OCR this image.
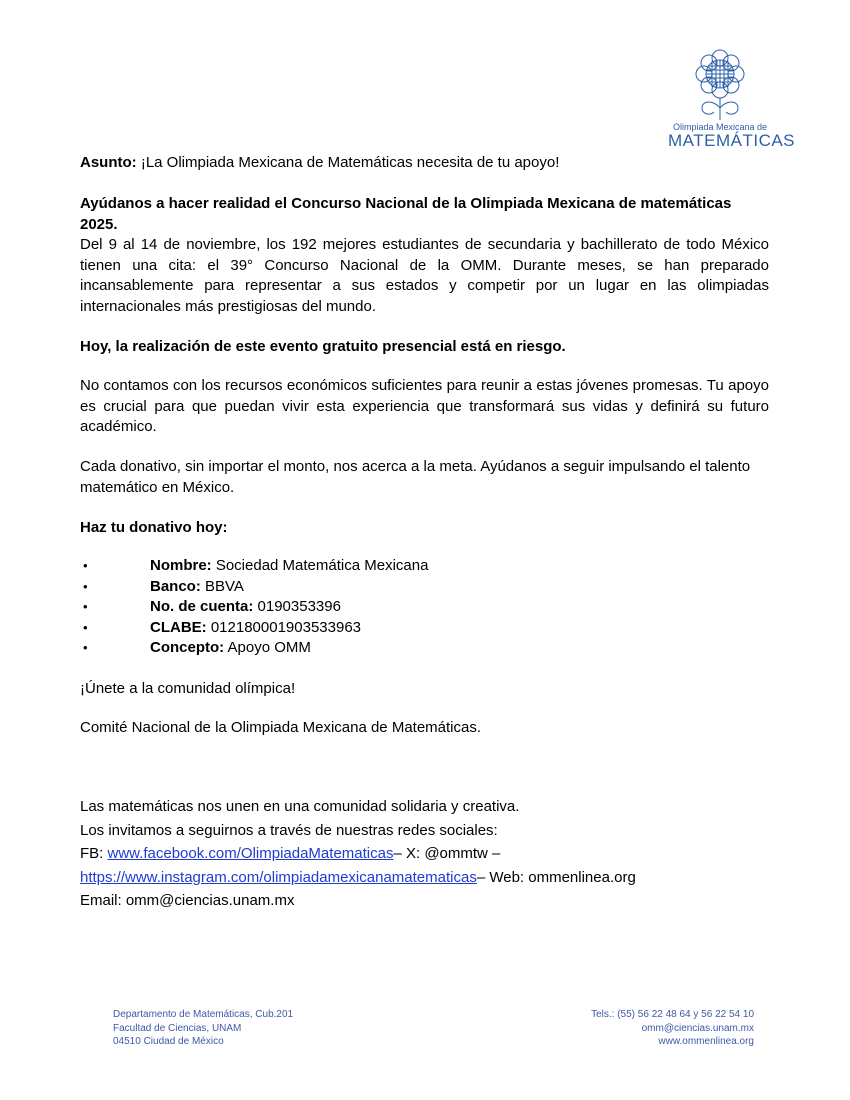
Olimpiada Mexicana de
MATEMÁTICAS
Asunto: ¡La Olimpiada Mexicana de Matemáticas necesita de tu apoyo!
Ayúdanos a hacer realidad el Concurso Nacional de la Olimpiada Mexicana de matemáticas 2025.
Del 9 al 14 de noviembre, los 192 mejores estudiantes de secundaria y bachillerato de todo México tienen una cita: el 39° Concurso Nacional de la OMM. Durante meses, se han preparado incansablemente para representar a sus estados y competir por un lugar en las olimpiadas internacionales más prestigiosas del mundo.
Hoy, la realización de este evento gratuito presencial está en riesgo.
No contamos con los recursos económicos suficientes para reunir a estas jóvenes promesas. Tu apoyo es crucial para que puedan vivir esta experiencia que transformará sus vidas y definirá su futuro académico.
Cada donativo, sin importar el monto, nos acerca a la meta. Ayúdanos a seguir impulsando el talento matemático en México.
Haz tu donativo hoy:
•	Nombre: Sociedad Matemática Mexicana
•	Banco: BBVA
•	No. de cuenta: 0190353396
•	CLABE: 012180001903533963
•	Concepto: Apoyo OMM
¡Únete a la comunidad olímpica!
Comité Nacional de la Olimpiada Mexicana de Matemáticas.
Las matemáticas nos unen en una comunidad solidaria y creativa.
Los invitamos a seguirnos a través de nuestras redes sociales:
FB: www.facebook.com/OlimpiadaMatematicas– X: @ommtw –
https://www.instagram.com/olimpiadamexicanamatematicas– Web: ommenlinea.org
Email: omm@ciencias.unam.mx
Departamento de Matemáticas, Cub.201
Facultad de Ciencias, UNAM
04510 Ciudad de México
Tels.: (55) 56 22 48 64 y 56 22 54 10
omm@ciencias.unam.mx
www.ommenlinea.org
